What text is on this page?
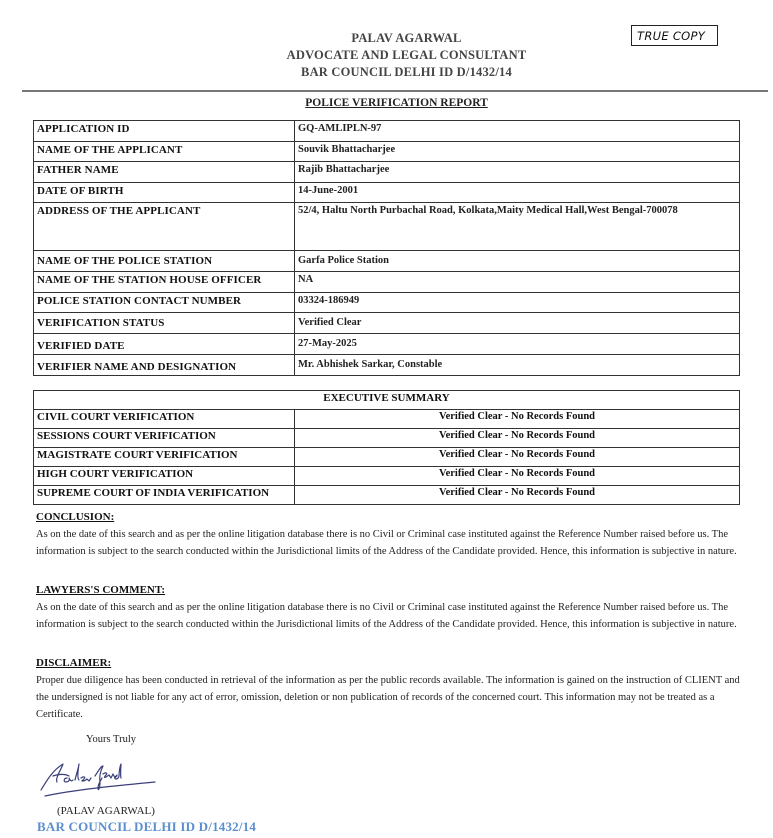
PALAV AGARWAL
ADVOCATE AND LEGAL CONSULTANT
BAR COUNCIL DELHI ID D/1432/14
TRUE COPY
POLICE VERIFICATION REPORT
APPLICATION ID	GQ-AMLIPLN-97
NAME OF THE APPLICANT	Souvik Bhattacharjee
FATHER NAME	Rajib Bhattacharjee
DATE OF BIRTH	14-June-2001
ADDRESS OF THE APPLICANT	52/4, Haltu North Purbachal Road, Kolkata,Maity Medical Hall,West Bengal-700078
NAME OF THE POLICE STATION	Garfa Police Station
NAME OF THE STATION HOUSE OFFICER	NA
POLICE STATION CONTACT NUMBER	03324-186949
VERIFICATION STATUS	Verified Clear
VERIFIED DATE	27-May-2025
VERIFIER NAME AND DESIGNATION	Mr. Abhishek Sarkar, Constable
EXECUTIVE SUMMARY	
CIVIL COURT VERIFICATION	Verified Clear - No Records Found
SESSIONS COURT VERIFICATION	Verified Clear - No Records Found
MAGISTRATE COURT VERIFICATION	Verified Clear - No Records Found
HIGH COURT VERIFICATION	Verified Clear - No Records Found
SUPREME COURT OF INDIA VERIFICATION	Verified Clear - No Records Found
CONCLUSION:
As on the date of this search and as per the online litigation database there is no Civil or Criminal case instituted against the Reference Number raised before us. The information is subject to the search conducted within the Jurisdictional limits of the Address of the Candidate provided. Hence, this information is subjective in nature.
LAWYERS'S COMMENT:
As on the date of this search and as per the online litigation database there is no Civil or Criminal case instituted against the Reference Number raised before us. The information is subject to the search conducted within the Jurisdictional limits of the Address of the Candidate provided. Hence, this information is subjective in nature.
DISCLAIMER:
Proper due diligence has been conducted in retrieval of the information as per the public records available. The information is gained on the instruction of CLIENT and the undersigned is not liable for any act of error, omission, deletion or non publication of records of the concerned court. This information may not be treated as a Certificate.
Yours Truly
(PALAV AGARWAL)
BAR COUNCIL DELHI ID D/1432/14
